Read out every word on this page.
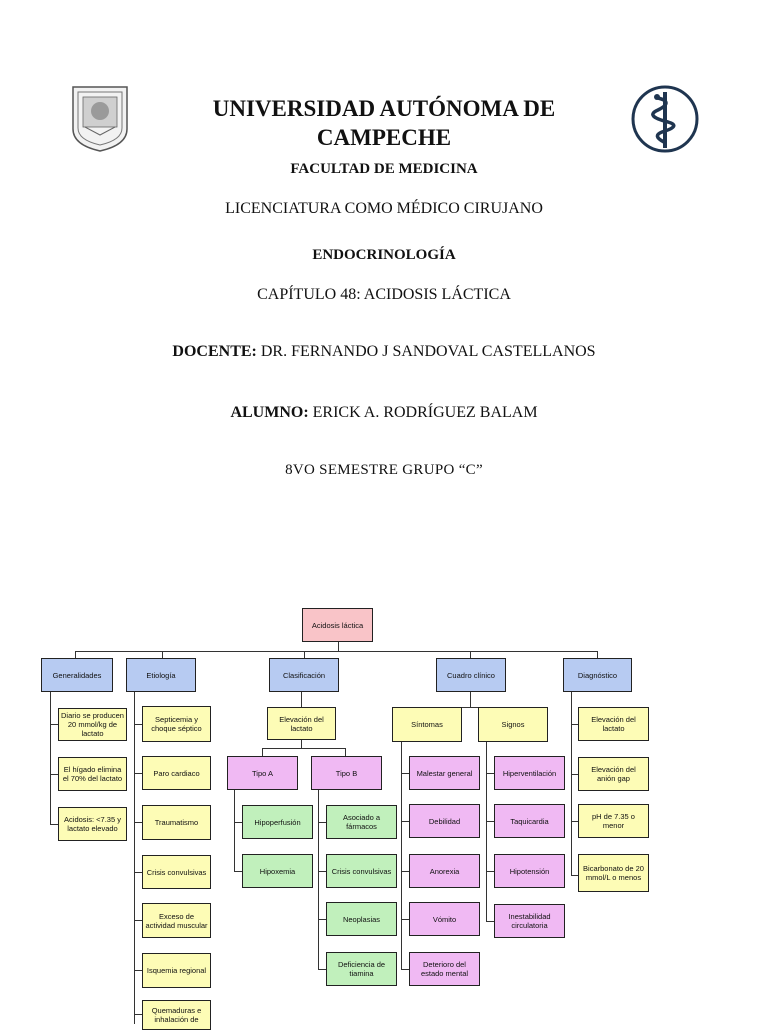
UNIVERSIDAD AUTÓNOMA DE CAMPECHE

FACULTAD DE MEDICINA

LICENCIATURA COMO MÉDICO CIRUJANO

ENDOCRINOLOGÍA

CAPÍTULO 48: ACIDOSIS LÁCTICA

DOCENTE: DR. FERNANDO J SANDOVAL CASTELLANOS

ALUMNO: ERICK A. RODRÍGUEZ BALAM

8VO SEMESTRE GRUPO “C”

Acidosis láctica
Generalidades	Etiología	Clasificación	Cuadro clínico	Diagnóstico
Diario se producen 20 mmol/kg de lactato
El hígado elimina el 70% del lactato
Acidosis: <7.35 y lactato elevado
Septicemia y choque séptico
Paro cardiaco
Traumatismo
Crisis convulsivas
Exceso de actividad muscular
Isquemia regional
Quemaduras e inhalación de
Elevación del lactato
Tipo A	Tipo B
Hipoperfusión
Hipoxemia
Asociado a fármacos
Crisis convulsivas
Neoplasias
Deficiencia de tiamina
Síntomas	Signos
Malestar general
Debilidad
Anorexia
Vómito
Deterioro del estado mental
Hiperventilación
Taquicardia
Hipotensión
Inestabilidad circulatoria
Elevación del lactato
Elevación del anión gap
pH de 7.35 o menor
Bicarbonato de 20 mmol/L o menos
